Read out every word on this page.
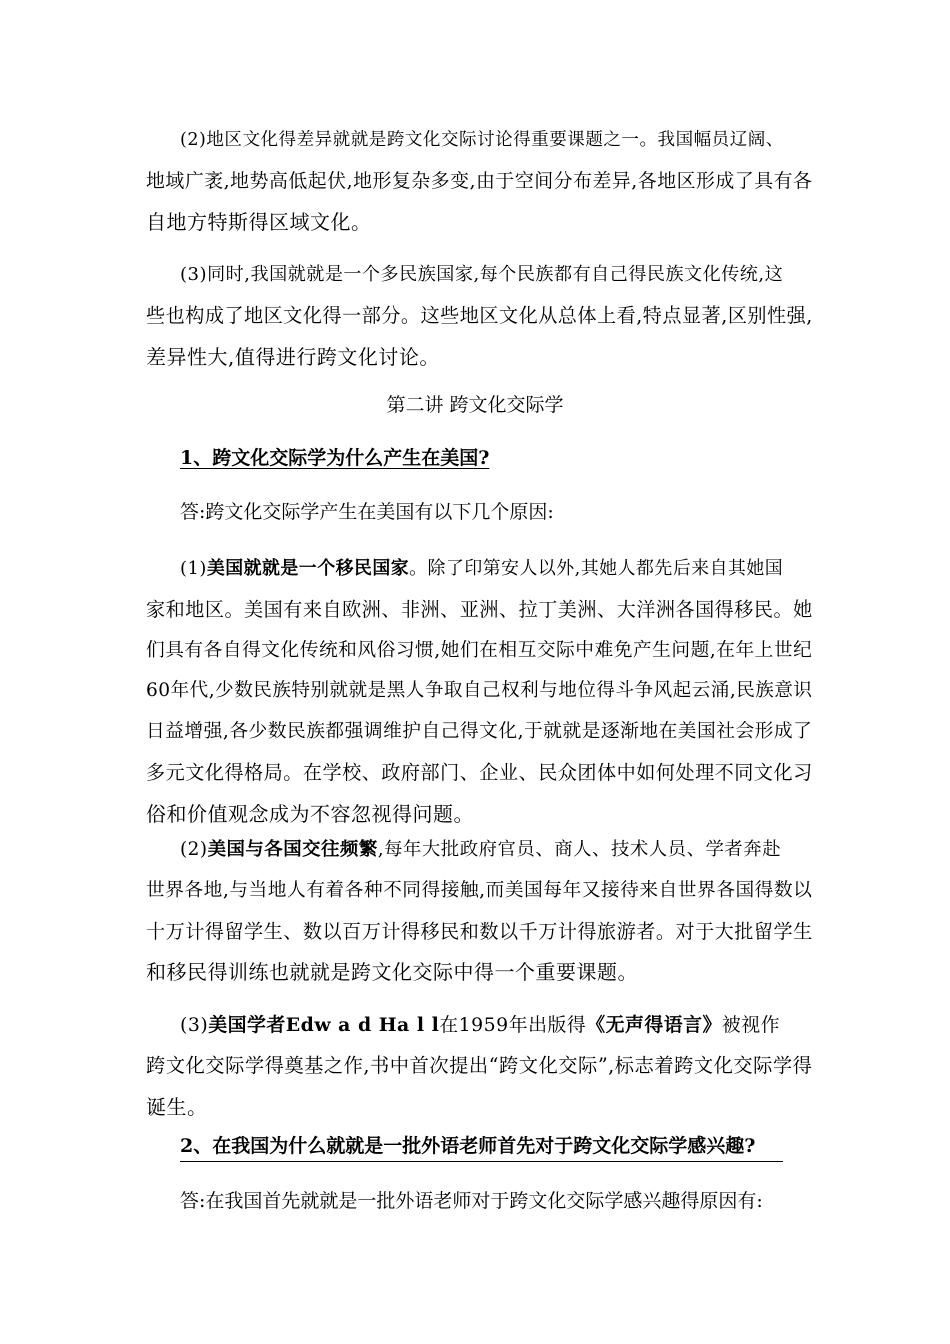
(2)地区文化得差异就就是跨文化交际讨论得重要课题之一。我国幅员辽阔、
地域广袤,地势高低起伏,地形复杂多变,由于空间分布差异,各地区形成了具有各
自地方特斯得区域文化。

(3)同时,我国就就是一个多民族国家,每个民族都有自己得民族文化传统,这
些也构成了地区文化得一部分。这些地区文化从总体上看,特点显著,区别性强,
差异性大,值得进行跨文化讨论。

第二讲 跨文化交际学

1、跨文化交际学为什么产生在美国?

答:跨文化交际学产生在美国有以下几个原因:

(1)美国就就是一个移民国家。除了印第安人以外,其她人都先后来自其她国
家和地区。美国有来自欧洲、非洲、亚洲、拉丁美洲、大洋洲各国得移民。她
们具有各自得文化传统和风俗习惯,她们在相互交际中难免产生问题,在年上世纪
60年代,少数民族特别就就是黑人争取自己权利与地位得斗争风起云涌,民族意识
日益增强,各少数民族都强调维护自己得文化,于就就是逐渐地在美国社会形成了
多元文化得格局。在学校、政府部门、企业、民众团体中如何处理不同文化习
俗和价值观念成为不容忽视得问题。

(2)美国与各国交往频繁,每年大批政府官员、商人、技术人员、学者奔赴
世界各地,与当地人有着各种不同得接触,而美国每年又接待来自世界各国得数以
十万计得留学生、数以百万计得移民和数以千万计得旅游者。对于大批留学生
和移民得训练也就就是跨文化交际中得一个重要课题。

(3)美国学者Edw a d Ha l l在1959年出版得《无声得语言》被视作
跨文化交际学得奠基之作,书中首次提出“跨文化交际”,标志着跨文化交际学得
诞生。

2、在我国为什么就就是一批外语老师首先对于跨文化交际学感兴趣?

答:在我国首先就就是一批外语老师对于跨文化交际学感兴趣得原因有:
